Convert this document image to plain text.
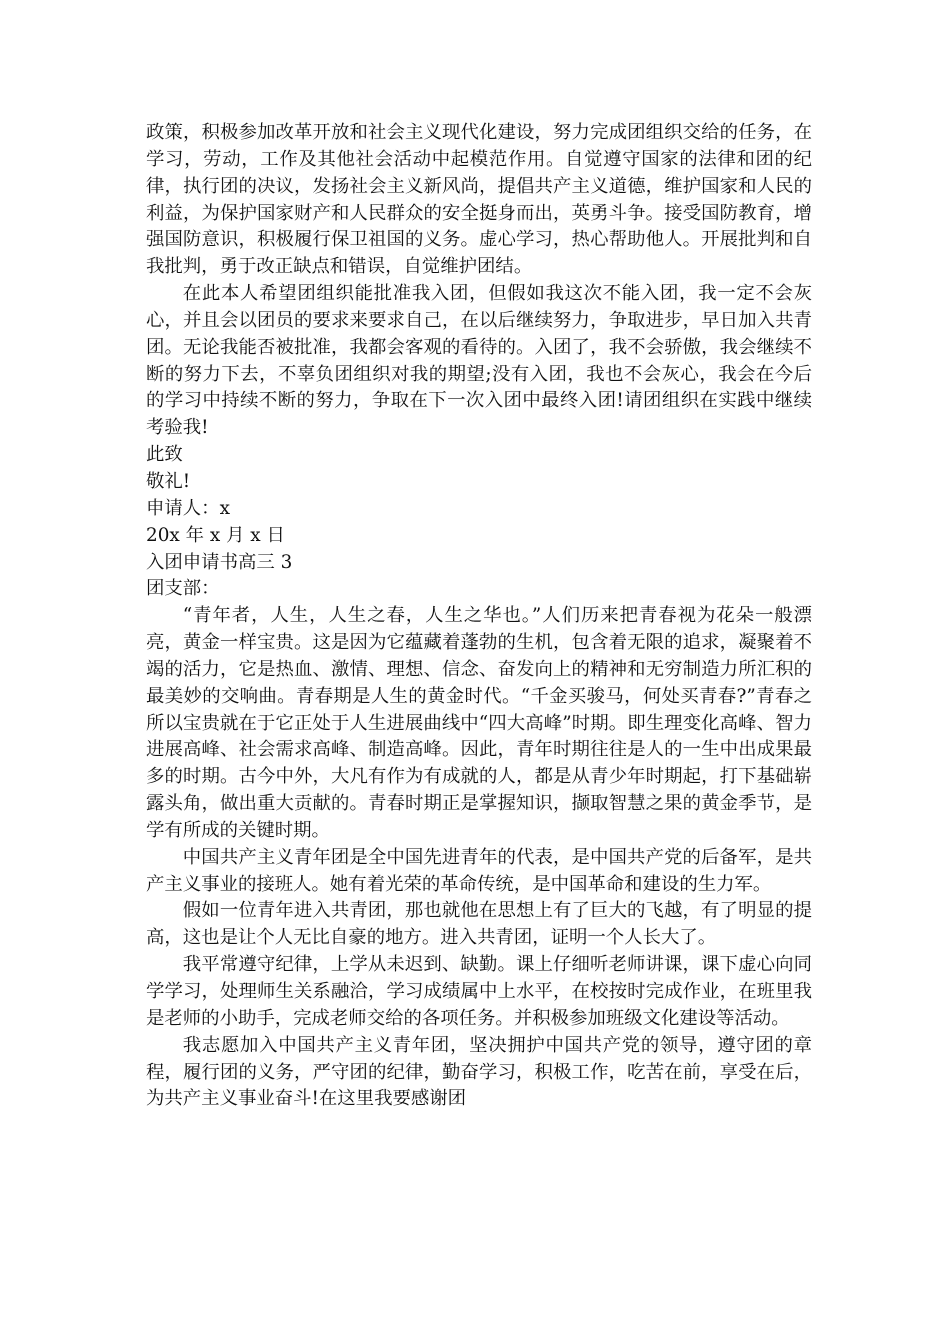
政策，积极参加改革开放和社会主义现代化建设，努力完成团组织交给的任务，在学习，劳动，工作及其他社会活动中起模范作用。自觉遵守国家的法律和团的纪律，执行团的决议，发扬社会主义新风尚，提倡共产主义道德，维护国家和人民的利益，为保护国家财产和人民群众的安全挺身而出，英勇斗争。接受国防教育，增强国防意识，积极履行保卫祖国的义务。虚心学习，热心帮助他人。开展批判和自我批判，勇于改正缺点和错误，自觉维护团结。

在此本人希望团组织能批准我入团，但假如我这次不能入团，我一定不会灰心，并且会以团员的要求来要求自己，在以后继续努力，争取进步，早日加入共青团。无论我能否被批准，我都会客观的看待的。入团了，我不会骄傲，我会继续不断的努力下去，不辜负团组织对我的期望;没有入团，我也不会灰心，我会在今后的学习中持续不断的努力，争取在下一次入团中最终入团!请团组织在实践中继续考验我!

此致

敬礼!

申请人：x

20x 年 x 月 x 日

入团申请书高三 3

团支部：

“青年者，人生，人生之春，人生之华也。”人们历来把青春视为花朵一般漂亮，黄金一样宝贵。这是因为它蕴藏着蓬勃的生机，包含着无限的追求，凝聚着不竭的活力，它是热血、激情、理想、信念、奋发向上的精神和无穷制造力所汇积的最美妙的交响曲。青春期是人生的黄金时代。“千金买骏马，何处买青春?”青春之所以宝贵就在于它正处于人生进展曲线中“四大高峰”时期。即生理变化高峰、智力进展高峰、社会需求高峰、制造高峰。因此，青年时期往往是人的一生中出成果最多的时期。古今中外，大凡有作为有成就的人，都是从青少年时期起，打下基础崭露头角，做出重大贡献的。青春时期正是掌握知识，撷取智慧之果的黄金季节，是学有所成的关键时期。

中国共产主义青年团是全中国先进青年的代表，是中国共产党的后备军，是共产主义事业的接班人。她有着光荣的革命传统，是中国革命和建设的生力军。

假如一位青年进入共青团，那也就他在思想上有了巨大的飞越，有了明显的提高，这也是让个人无比自豪的地方。进入共青团，证明一个人长大了。

我平常遵守纪律，上学从未迟到、缺勤。课上仔细听老师讲课，课下虚心向同学学习，处理师生关系融洽，学习成绩属中上水平，在校按时完成作业，在班里我是老师的小助手，完成老师交给的各项任务。并积极参加班级文化建设等活动。

我志愿加入中国共产主义青年团，坚决拥护中国共产党的领导，遵守团的章程，履行团的义务，严守团的纪律，勤奋学习，积极工作，吃苦在前，享受在后，为共产主义事业奋斗!在这里我要感谢团
